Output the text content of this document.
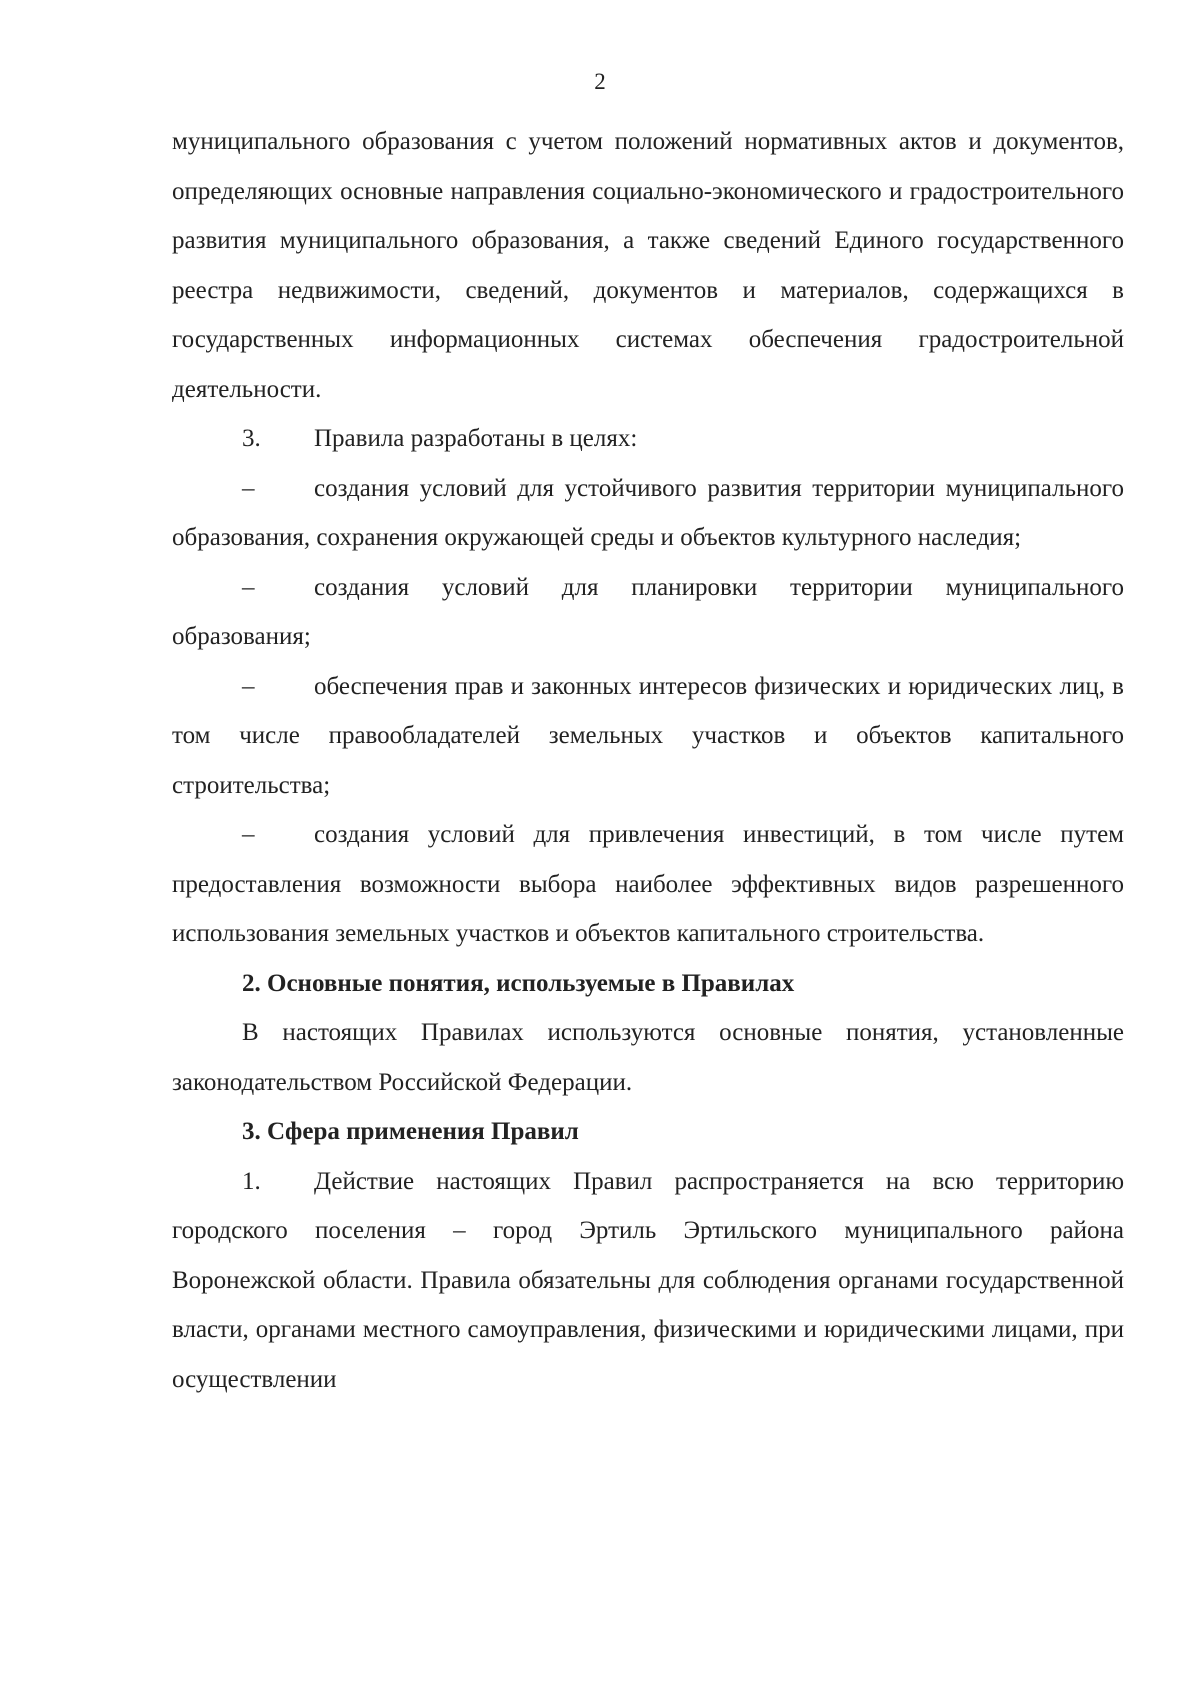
2

муниципального образования с учетом положений нормативных актов и документов, определяющих основные направления социально-экономического и градостроительного развития муниципального образования, а также сведений Единого государственного реестра недвижимости, сведений, документов и материалов, содержащихся в государственных информационных системах обеспечения градостроительной деятельности.

3. Правила разработаны в целях:

– создания условий для устойчивого развития территории муниципального образования, сохранения окружающей среды и объектов культурного наследия;

– создания условий для планировки территории муниципального образования;

– обеспечения прав и законных интересов физических и юридических лиц, в том числе правообладателей земельных участков и объектов капитального строительства;

– создания условий для привлечения инвестиций, в том числе путем предоставления возможности выбора наиболее эффективных видов разрешенного использования земельных участков и объектов капитального строительства.

2. Основные понятия, используемые в Правилах

В настоящих Правилах используются основные понятия, установленные законодательством Российской Федерации.

3. Сфера применения Правил

1. Действие настоящих Правил распространяется на всю территорию городского поселения – город Эртиль Эртильского муниципального района Воронежской области. Правила обязательны для соблюдения органами государственной власти, органами местного самоуправления, физическими и юридическими лицами, при осуществлении
